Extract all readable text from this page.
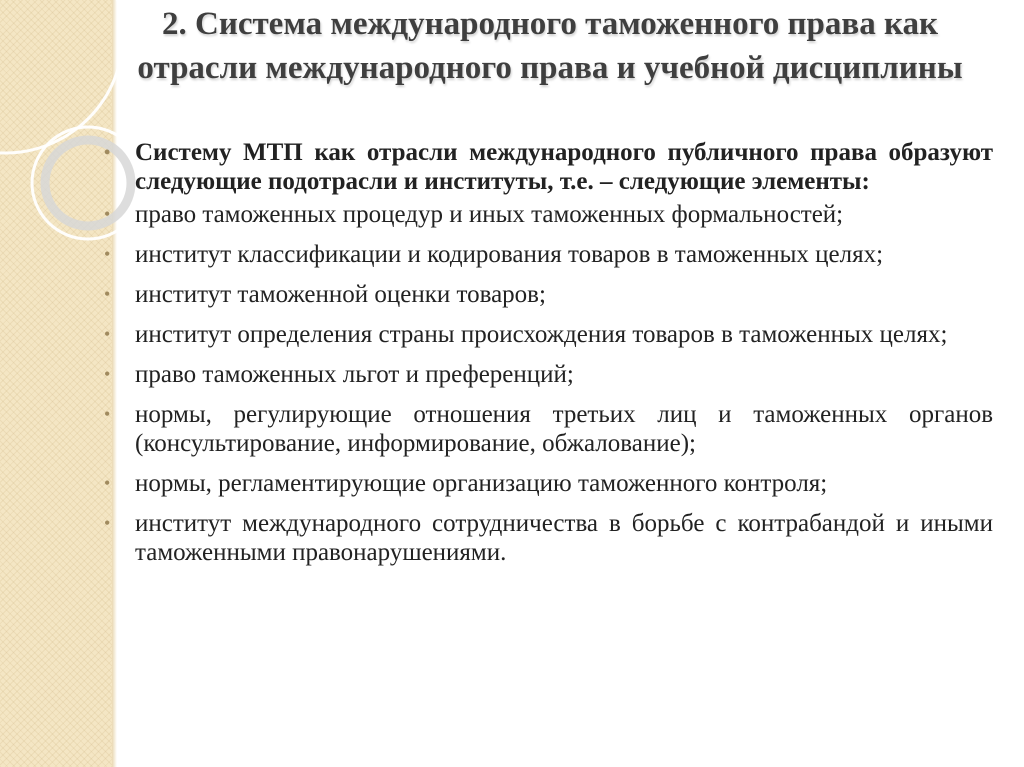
2. Система международного таможенного права как отрасли международного права и учебной дисциплины
• Систему МТП как отрасли международного публичного права образуют следующие подотрасли и институты, т.е. – следующие элементы:
• право таможенных процедур и иных таможенных формальностей;
• институт классификации и кодирования товаров в таможенных целях;
• институт таможенной оценки товаров;
• институт определения страны происхождения товаров в таможенных целях;
• право таможенных льгот и преференций;
• нормы, регулирующие отношения третьих лиц и таможенных органов (консультирование, информирование, обжалование);
• нормы, регламентирующие организацию таможенного контроля;
• институт международного сотрудничества в борьбе с контрабандой и иными таможенными правонарушениями.
